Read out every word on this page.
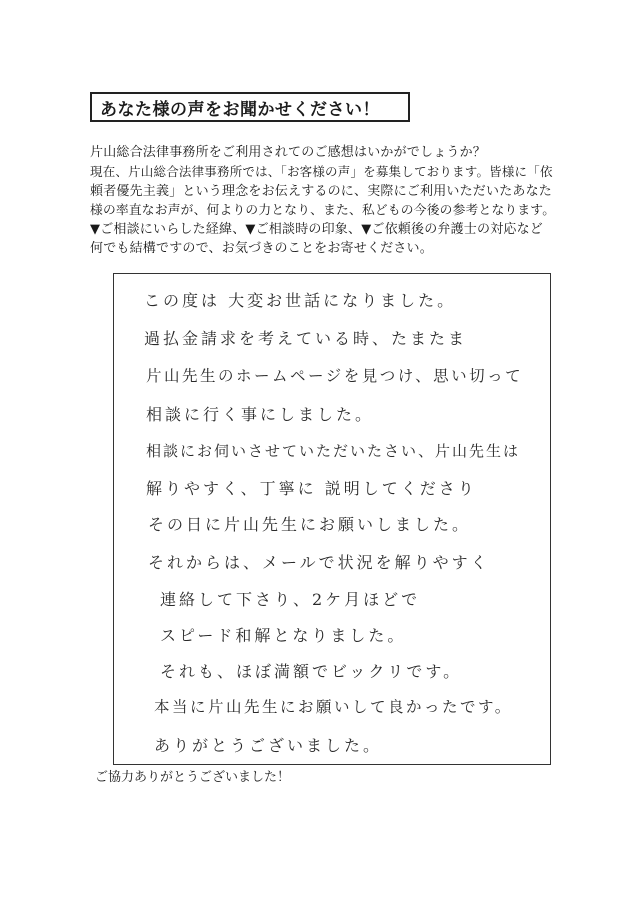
あなた様の声をお聞かせください！
片山総合法律事務所をご利用されてのご感想はいかがでしょうか？
現在、片山総合法律事務所では、「お客様の声」を募集しております。皆様に「依
頼者優先主義」という理念をお伝えするのに、実際にご利用いただいたあなた
様の率直なお声が、何よりの力となり、また、私どもの今後の参考となります。
▼ご相談にいらした経緯、▼ご相談時の印象、▼ご依頼後の弁護士の対応など
何でも結構ですので、お気づきのことをお寄せください。
この度は 大変お世話になりました。
過払金請求を考えている時、たまたま
片山先生のホームページを見つけ、思い切って
相談に行く事にしました。
相談にお伺いさせていただいたさい、片山先生は
解りやすく、丁寧に 説明してくださり
その日に片山先生にお願いしました。
それからは、メールで状況を解りやすく
連絡して下さり、2ケ月ほどで
スピード和解となりました。
それも、ほぼ満額でビックリです。
本当に片山先生にお願いして良かったです。
ありがとうございました。
ご協力ありがとうございました！
